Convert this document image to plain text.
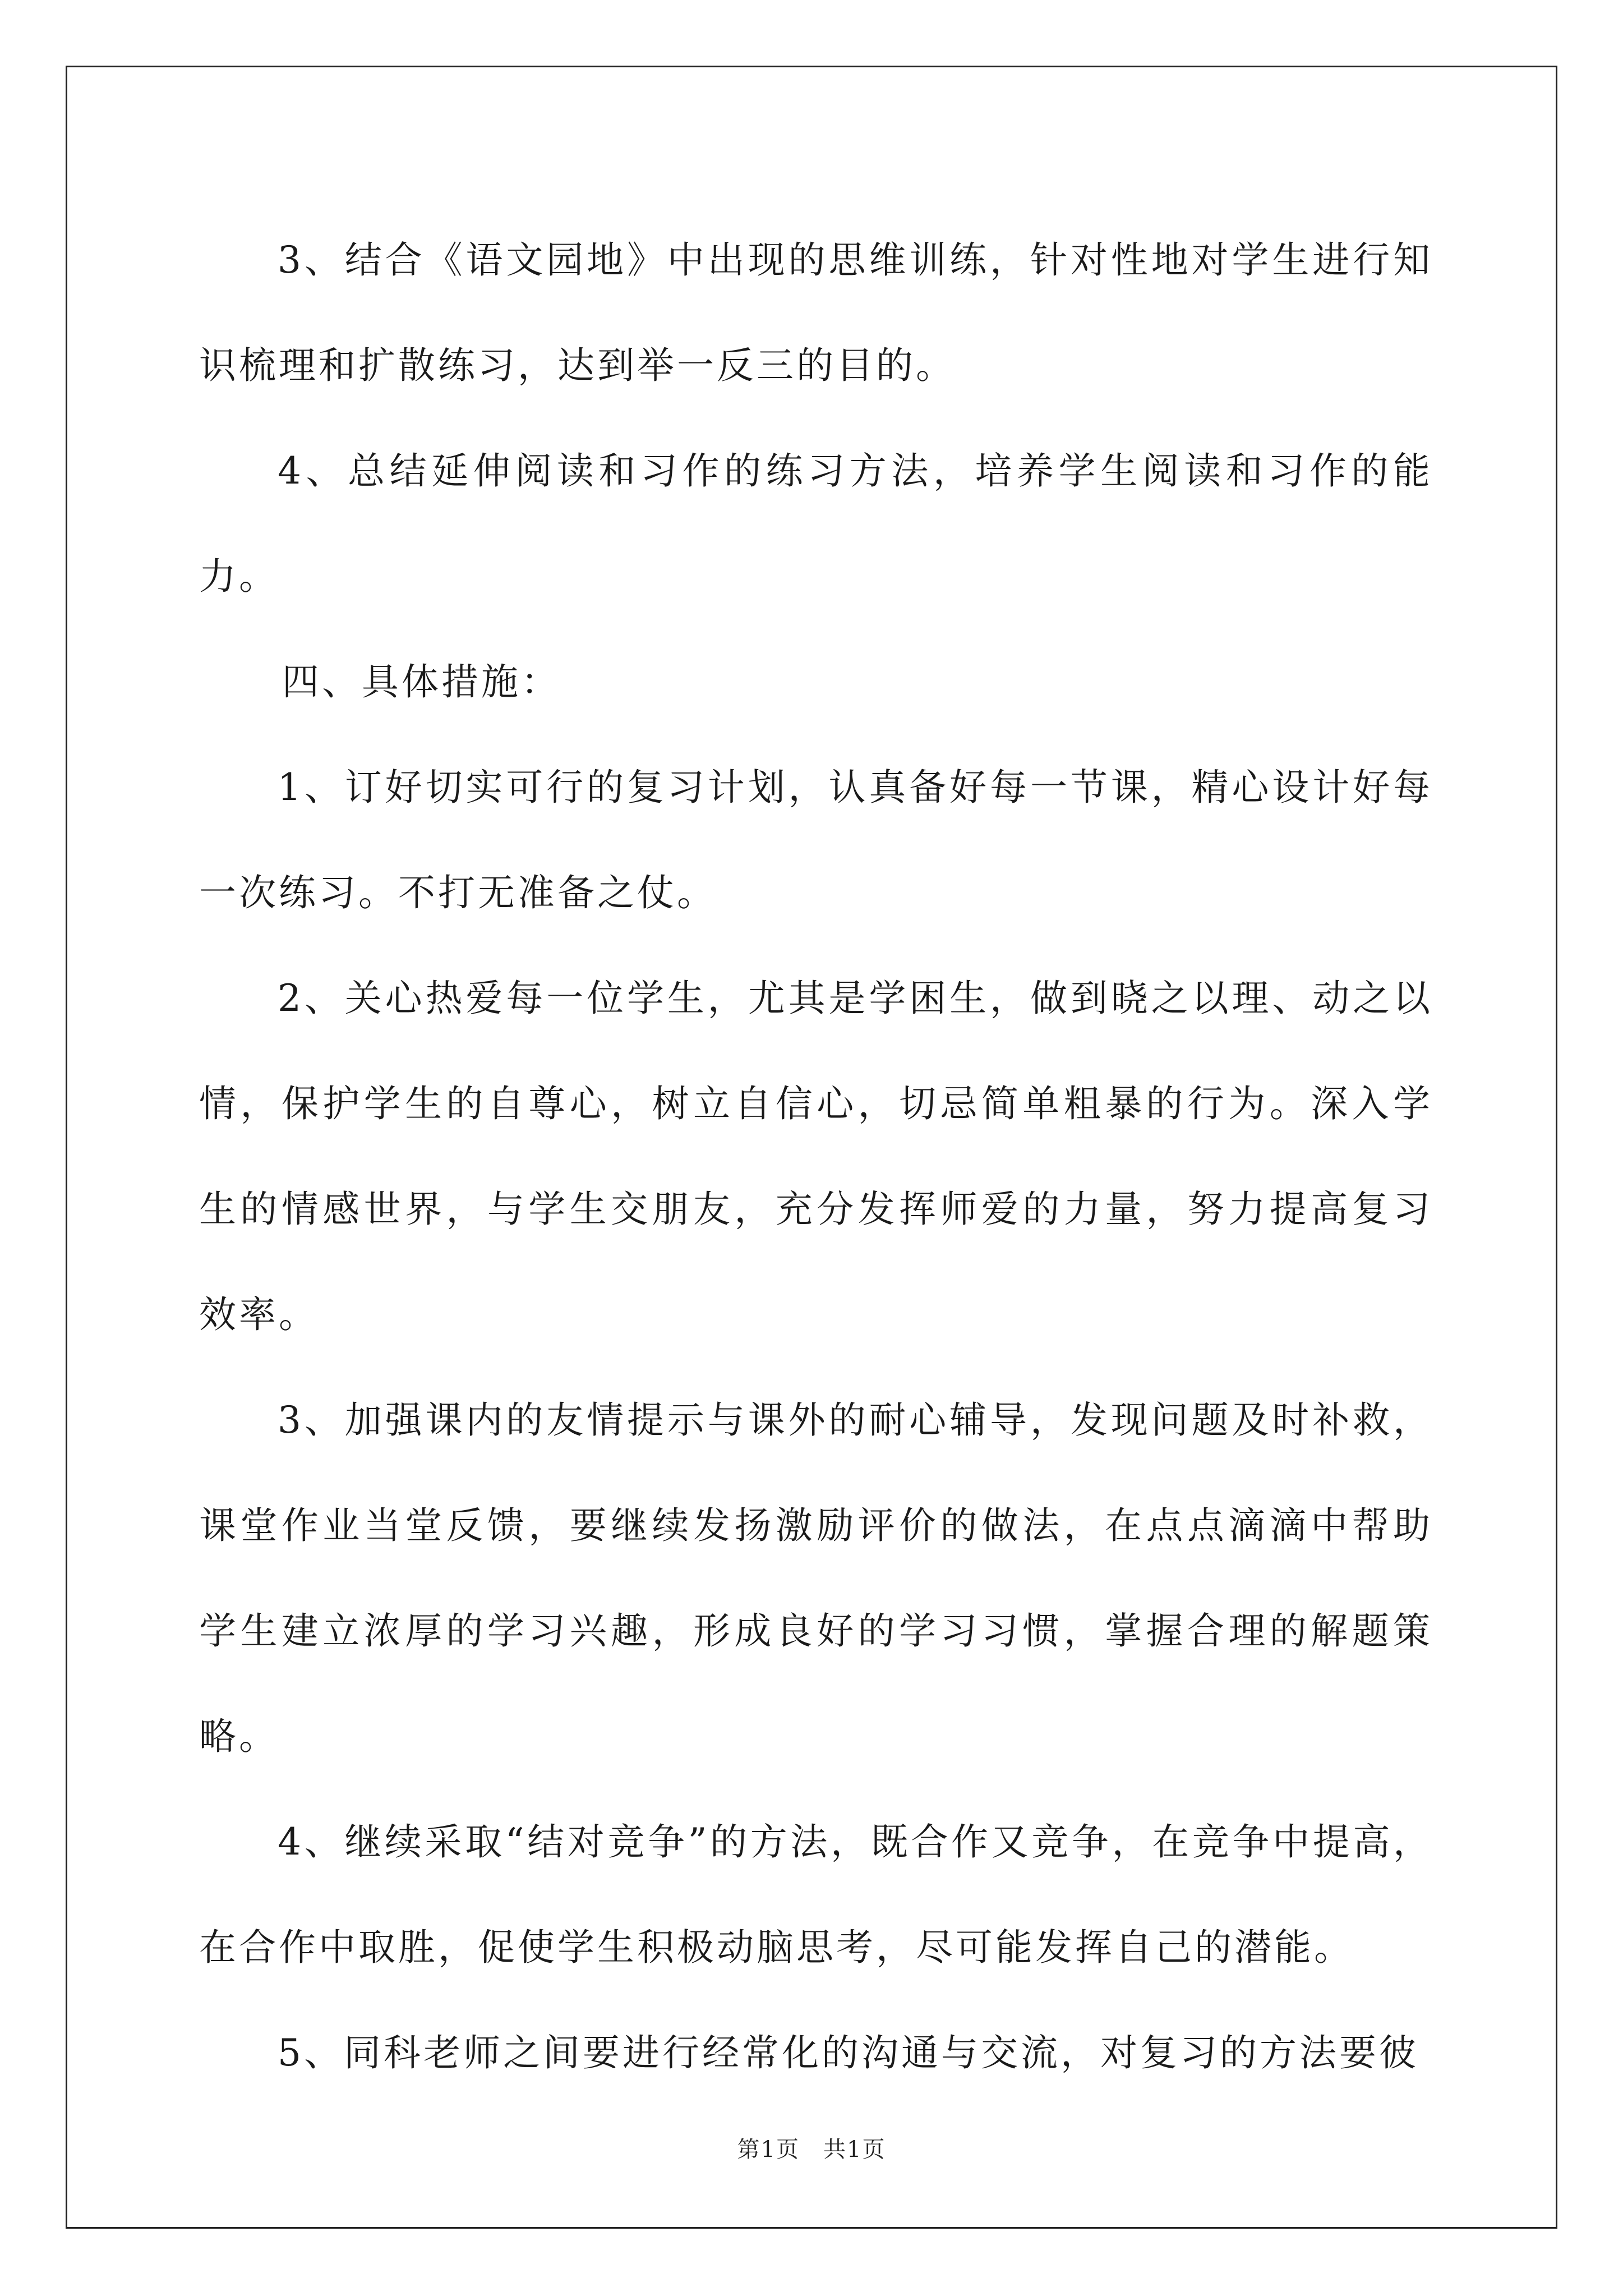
3、结合《语文园地》中出现的思维训练，针对性地对学生进行知识梳理和扩散练习，达到举一反三的目的。

4、总结延伸阅读和习作的练习方法，培养学生阅读和习作的能力。

四、具体措施：

1、订好切实可行的复习计划，认真备好每一节课，精心设计好每一次练习。不打无准备之仗。

2、关心热爱每一位学生，尤其是学困生，做到晓之以理、动之以情，保护学生的自尊心，树立自信心，切忌简单粗暴的行为。深入学生的情感世界，与学生交朋友，充分发挥师爱的力量，努力提高复习效率。

3、加强课内的友情提示与课外的耐心辅导，发现问题及时补救，课堂作业当堂反馈，要继续发扬激励评价的做法，在点点滴滴中帮助学生建立浓厚的学习兴趣，形成良好的学习习惯，掌握合理的解题策略。

4、继续采取“结对竞争”的方法，既合作又竞争，在竞争中提高，在合作中取胜，促使学生积极动脑思考，尽可能发挥自己的潜能。

5、同科老师之间要进行经常化的沟通与交流，对复习的方法要彼

第1页 共1页
